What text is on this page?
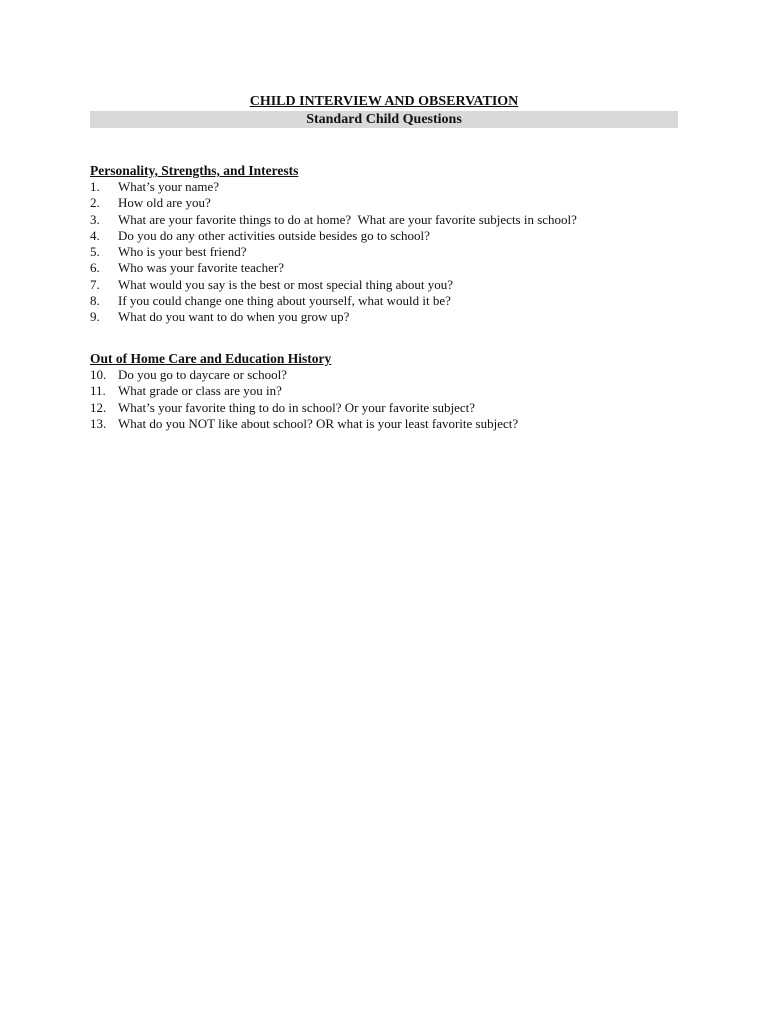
CHILD INTERVIEW AND OBSERVATION
Standard Child Questions
Personality, Strengths, and Interests
1.	What’s your name?
2.	How old are you?
3.	What are your favorite things to do at home?  What are your favorite subjects in school?
4.	Do you do any other activities outside besides go to school?
5.	Who is your best friend?
6.	Who was your favorite teacher?
7.	What would you say is the best or most special thing about you?
8.	If you could change one thing about yourself, what would it be?
9.	What do you want to do when you grow up?
Out of Home Care and Education History
10. Do you go to daycare or school?
11. What grade or class are you in?
12. What’s your favorite thing to do in school? Or your favorite subject?
13. What do you NOT like about school? OR what is your least favorite subject?
